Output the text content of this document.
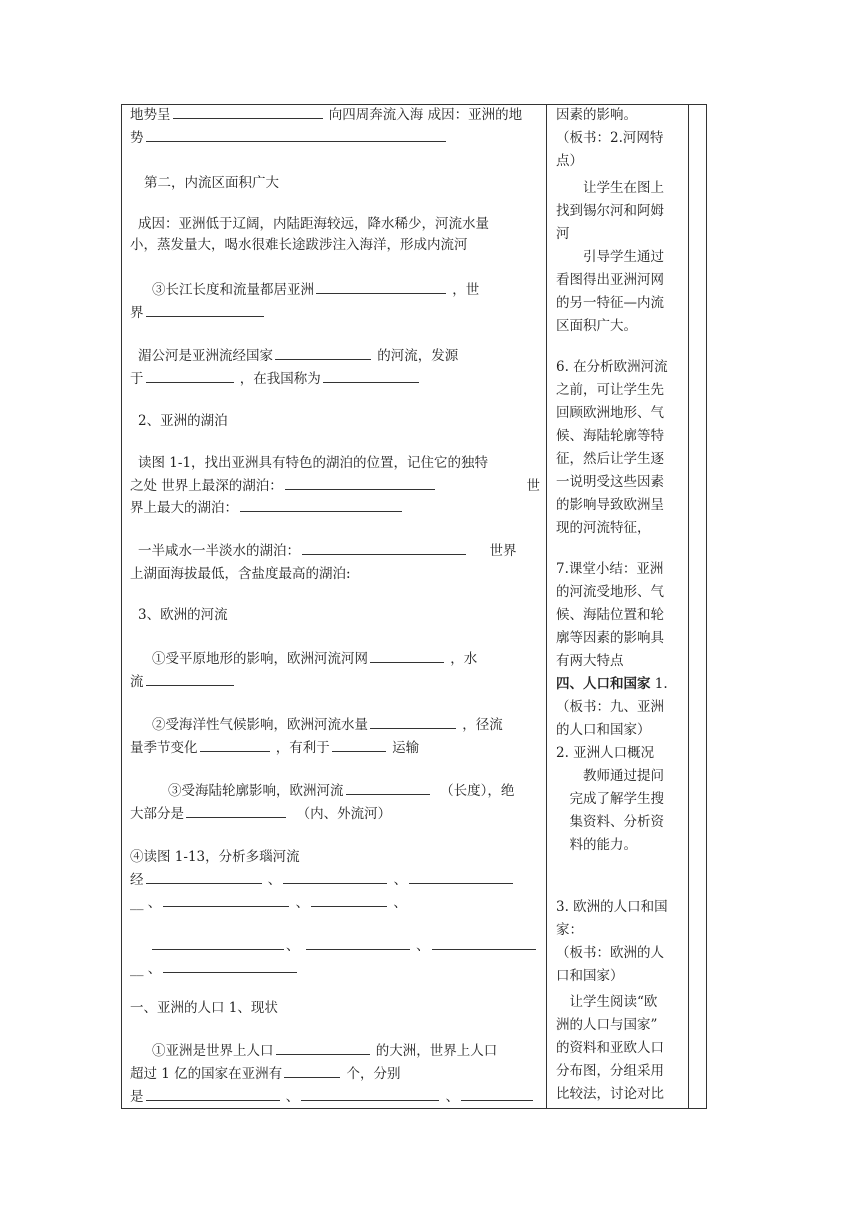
地势呈	向四周奔流入海 成因：亚洲的地
势
第二，内流区面积广大
成因：亚洲低于辽阔，内陆距海较远，降水稀少，河流水量
小，蒸发量大，喝水很难长途跋涉注入海洋，形成内流河
③长江长度和流量都居亚洲	，世
界
湄公河是亚洲流经国家	的河流，发源
于	，在我国称为
2、亚洲的湖泊
读图 1-1，找出亚洲具有特色的湖泊的位置，记住它的独特
之处 世界上最深的湖泊：	世
界上最大的湖泊：
一半咸水一半淡水的湖泊：	世界
上湖面海拔最低，含盐度最高的湖泊:
3、欧洲的河流
①受平原地形的影响，欧洲河流河网	，水
流
②受海洋性气候影响，欧洲河流水量	，径流
量季节变化	，有利于	运输
③受海陆轮廓影响，欧洲河流	（长度），绝
大部分是	（内、外流河）
④读图 1-13，分析多瑙河流
经	、	、
__ 、	、	、
、	、
__ 、
一、亚洲的人口 1、现状
①亚洲是世界上人口	的大洲，世界上人口
超过 1 亿的国家在亚洲有	个，分别
是	、	、
因素的影响。
（板书：2.河网特
点）
　　让学生在图上
找到锡尔河和阿姆
河
　　引导学生通过
看图得出亚洲河网
的另一特征—内流
区面积广大。
6. 在分析欧洲河流
之前，可让学生先
回顾欧洲地形、气
候、海陆轮廓等特
征，然后让学生逐
一说明受这些因素
的影响导致欧洲呈
现的河流特征，
7.课堂小结：亚洲
的河流受地形、气
候、海陆位置和轮
廓等因素的影响具
有两大特点
四、人口和国家 1.
（板书：九、亚洲
的人口和国家）
2. 亚洲人口概况
　　教师通过提问
　完成了解学生搜
　集资料、分析资
　料的能力。
3. 欧洲的人口和国
家：
（板书：欧洲的人
口和国家）
　让学生阅读“欧
洲的人口与国家”
的资料和亚欧人口
分布图，分组采用
比较法，讨论对比
